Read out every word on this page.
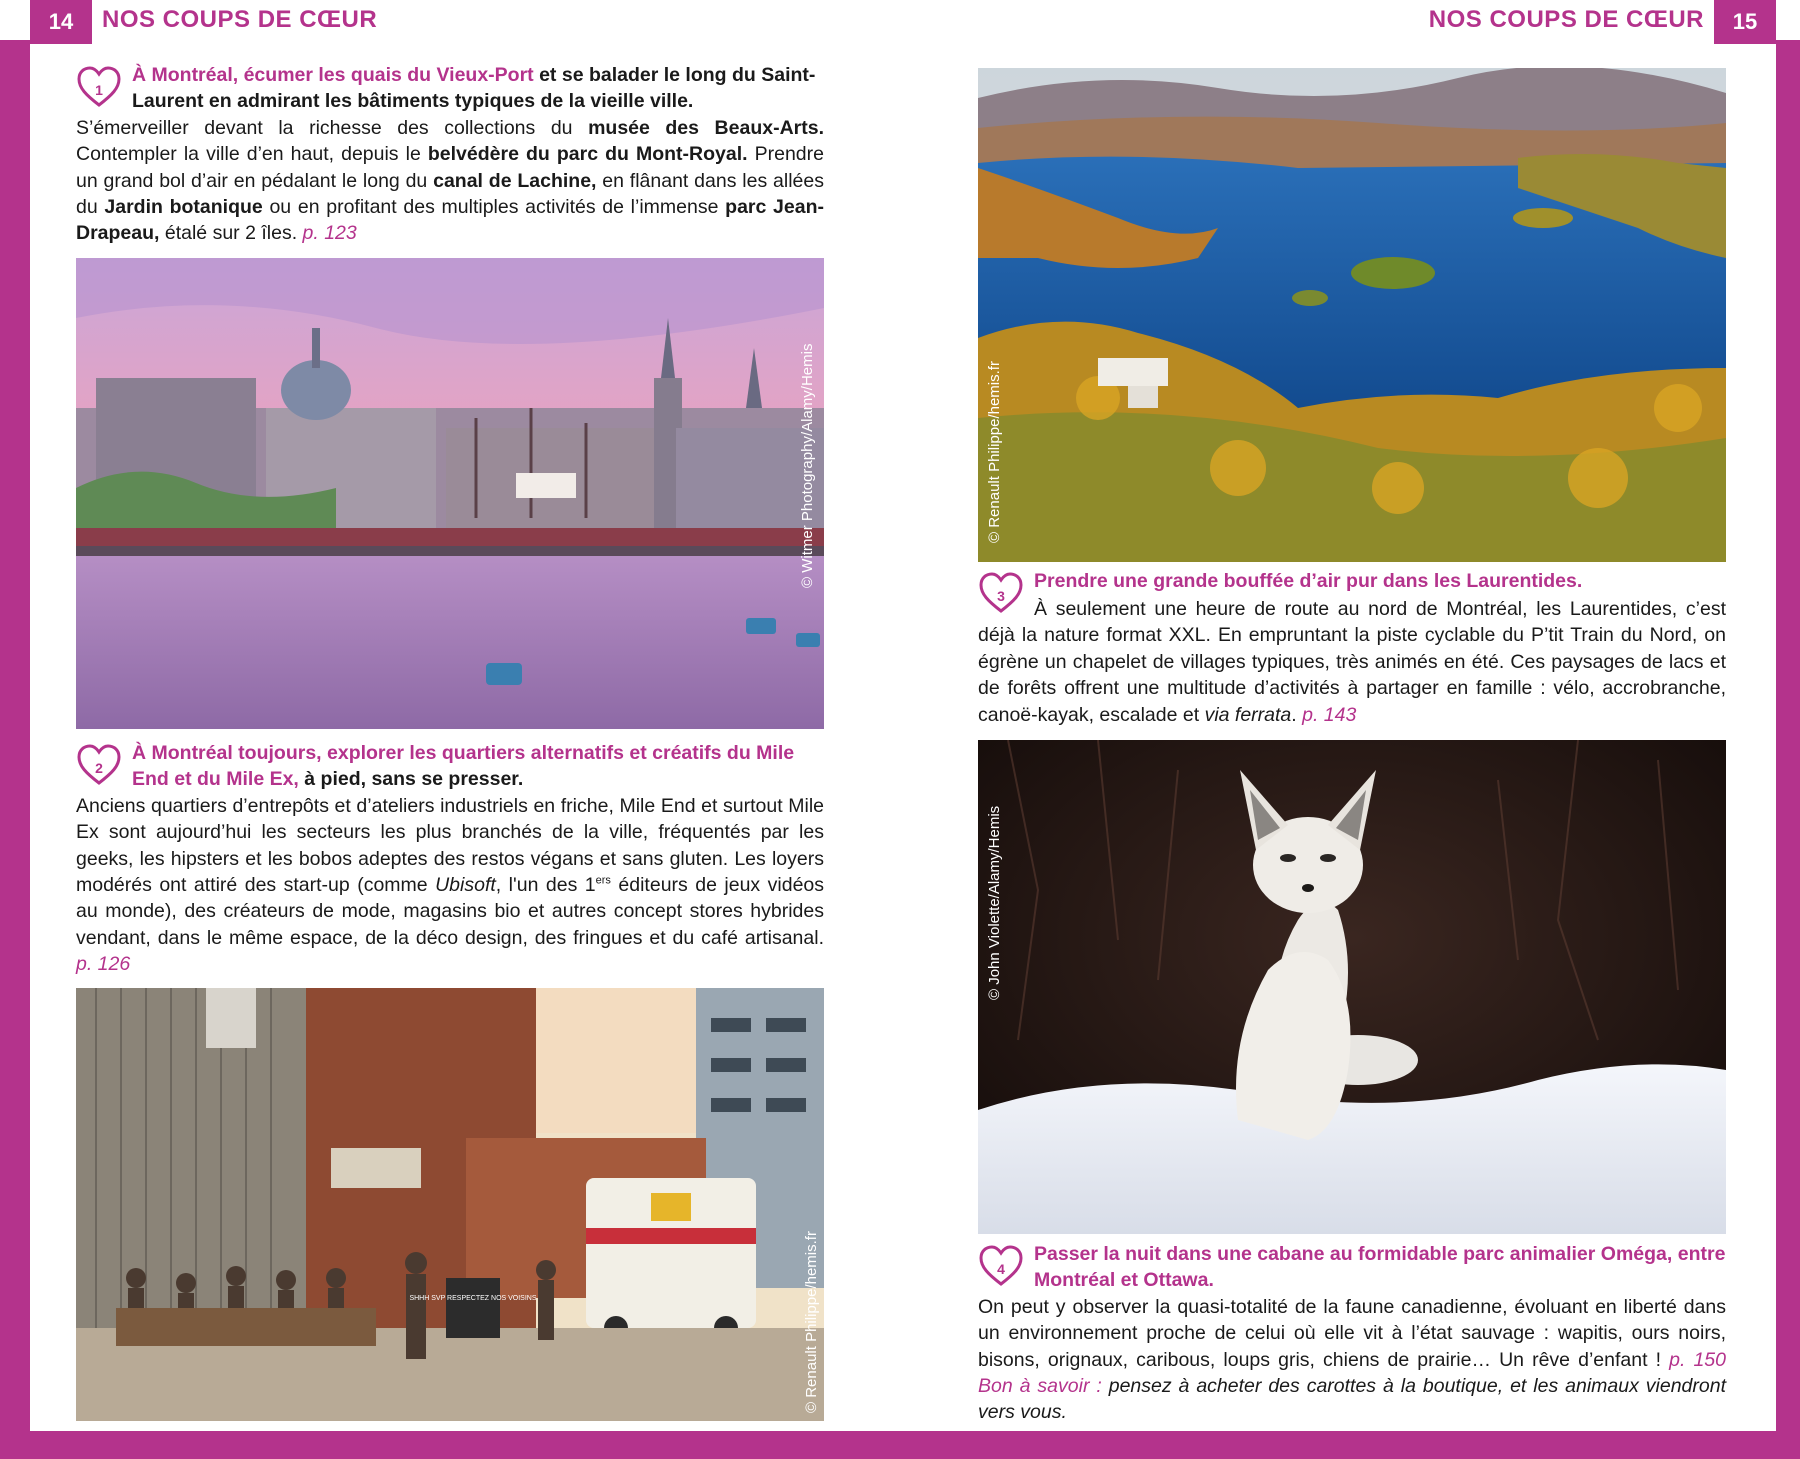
14	NOS COUPS DE CŒUR	NOS COUPS DE CŒUR	15
1
À Montréal, écumer les quais du Vieux-Port et se balader le long du Saint-Laurent en admirant les bâtiments typiques de la vieille ville.

S’émerveiller devant la richesse des collections du musée des Beaux-Arts. Contempler la ville d’en haut, depuis le belvédère du parc du Mont-Royal. Prendre un grand bol d’air en pédalant le long du canal de Lachine, en flânant dans les allées du Jardin botanique ou en profitant des multiples activités de l’immense parc Jean-Drapeau, étalé sur 2 îles. p. 123

© Witmer Photography/Alamy/Hemis
2
À Montréal toujours, explorer les quartiers alternatifs et créatifs du Mile End et du Mile Ex, à pied, sans se presser.

Anciens quartiers d’entrepôts et d’ateliers industriels en friche, Mile End et surtout Mile Ex sont aujourd’hui les secteurs les plus branchés de la ville, fréquentés par les geeks, les hipsters et les bobos adeptes des restos végans et sans gluten. Les loyers modérés ont attiré des start-up (comme Ubisoft, l'un des 1ers éditeurs de jeux vidéos au monde), des créateurs de mode, magasins bio et autres concept stores hybrides vendant, dans le même espace, de la déco design, des fringues et du café artisanal. p. 126

SHHH SVP RESPECTEZ NOS VOISINS	© Renault Philippe/hemis.fr
© Renault Philippe/hemis.fr
3
Prendre une grande bouffée d’air pur dans les Laurentides.

À seulement une heure de route au nord de Montréal, les Laurentides, c’est déjà la nature format XXL. En empruntant la piste cyclable du P’tit Train du Nord, on égrène un chapelet de villages typiques, très animés en été. Ces paysages de lacs et de forêts offrent une multitude d’activités à partager en famille : vélo, accrobranche, canoë-kayak, escalade et via ferrata. p. 143

© John Violette/Alamy/Hemis
4
Passer la nuit dans une cabane au formidable parc animalier Oméga, entre Montréal et Ottawa.

On peut y observer la quasi-totalité de la faune canadienne, évoluant en liberté dans un environnement proche de celui où elle vit à l’état sauvage : wapitis, ours noirs, bisons, orignaux, caribous, loups gris, chiens de prairie… Un rêve d’enfant ! p. 150 Bon à savoir : pensez à acheter des carottes à la boutique, et les animaux viendront vers vous.
